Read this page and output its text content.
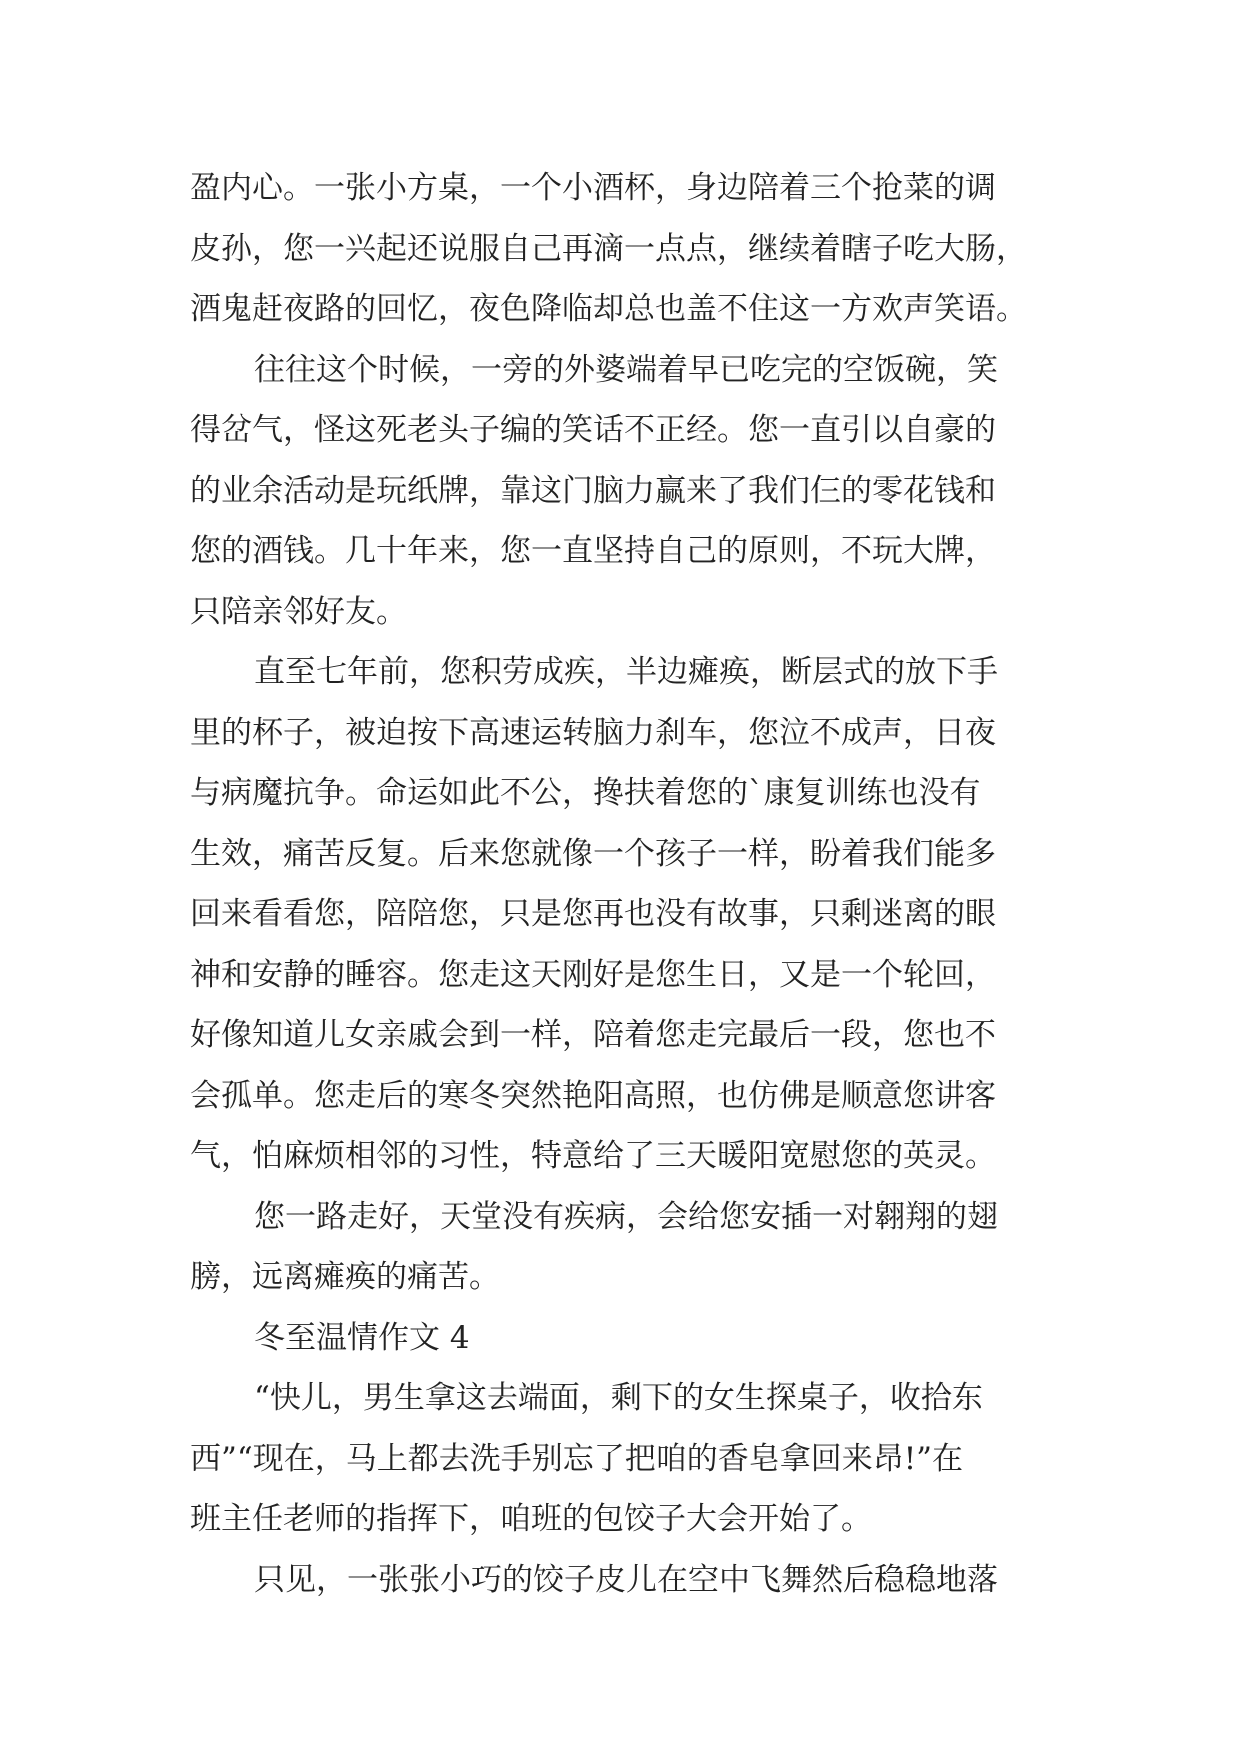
盈内心。一张小方桌，一个小酒杯，身边陪着三个抢菜的调
皮孙，您一兴起还说服自己再滴一点点，继续着瞎子吃大肠，
酒鬼赶夜路的回忆，夜色降临却总也盖不住这一方欢声笑语。
往往这个时候，一旁的外婆端着早已吃完的空饭碗，笑
得岔气，怪这死老头子编的笑话不正经。您一直引以自豪的
的业余活动是玩纸牌，靠这门脑力赢来了我们仨的零花钱和
您的酒钱。几十年来，您一直坚持自己的原则，不玩大牌，
只陪亲邻好友。
直至七年前，您积劳成疾，半边瘫痪，断层式的放下手
里的杯子，被迫按下高速运转脑力刹车，您泣不成声，日夜
与病魔抗争。命运如此不公，搀扶着您的`康复训练也没有
生效，痛苦反复。后来您就像一个孩子一样，盼着我们能多
回来看看您，陪陪您，只是您再也没有故事，只剩迷离的眼
神和安静的睡容。您走这天刚好是您生日，又是一个轮回，
好像知道儿女亲戚会到一样，陪着您走完最后一段，您也不
会孤单。您走后的寒冬突然艳阳高照，也仿佛是顺意您讲客
气，怕麻烦相邻的习性，特意给了三天暖阳宽慰您的英灵。
您一路走好，天堂没有疾病，会给您安插一对翱翔的翅
膀，远离瘫痪的痛苦。
冬至温情作文 4
“快儿，男生拿这去端面，剩下的女生探桌子，收拾东
西”“现在，马上都去洗手别忘了把咱的香皂拿回来昂!”在
班主任老师的指挥下，咱班的包饺子大会开始了。
只见，一张张小巧的饺子皮儿在空中飞舞然后稳稳地落
